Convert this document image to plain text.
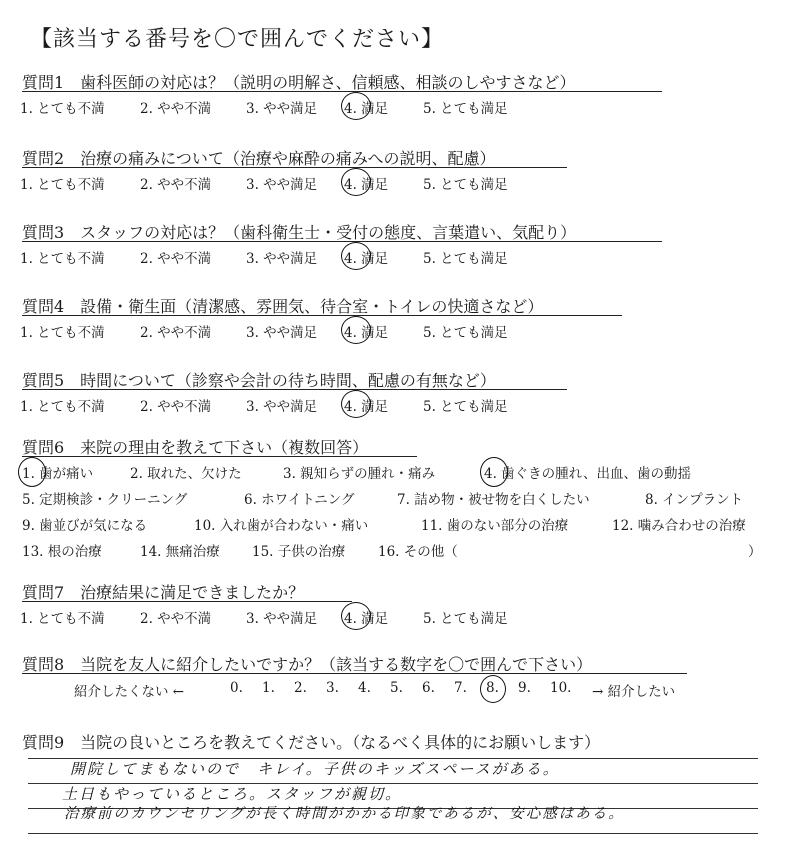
【該当する番号を〇で囲んでください】
質問1　歯科医師の対応は？（説明の明解さ、信頼感、相談のしやすさなど）
1. とても不満	2. やや不満	3. やや満足 4. 満足	5. とても満足
質問2　治療の痛みについて（治療や麻酔の痛みへの説明、配慮）
1. とても不満	2. やや不満	3. やや満足 4. 満足	5. とても満足
質問3　スタッフの対応は？（歯科衛生士・受付の態度、言葉遣い、気配り）
1. とても不満	2. やや不満	3. やや満足 4. 満足	5. とても満足
質問4　設備・衛生面（清潔感、雰囲気、待合室・トイレの快適さなど）
1. とても不満	2. やや不満	3. やや満足 4. 満足	5. とても満足
質問5　時間について（診察や会計の待ち時間、配慮の有無など）
1. とても不満	2. やや不満	3. やや満足 4. 満足	5. とても満足
質問6　来院の理由を教えて下さい（複数回答）
1. 歯が痛い	2. 取れた、欠けた	3. 親知らずの腫れ・痛み	4. 歯ぐきの腫れ、出血、歯の動揺
5. 定期検診・クリーニング	6. ホワイトニング	7. 詰め物・被せ物を白くしたい	8. インプラント
9. 歯並びが気になる	10. 入れ歯が合わない・痛い	11. 歯のない部分の治療	12. 噛み合わせの治療
13. 根の治療	14. 無痛治療 15. 子供の治療 16. その他（	）
質問7　治療結果に満足できましたか？
1. とても不満	2. やや不満	3. やや満足 4. 満足	5. とても満足
質問8　当院を友人に紹介したいですか？（該当する数字を〇で囲んで下さい）
紹介したくない ←	0. 1. 2. 3. 4. 5. 6. 7. 8. 9. 10. → 紹介したい
質問9　当院の良いところを教えてください。（なるべく具体的にお願いします）
開院してまもないので　キレイ。子供のキッズスペースがある。
土日もやっているところ。スタッフが親切。
治療前のカウンセリングが長く時間がかかる印象であるが、安心感はある。
